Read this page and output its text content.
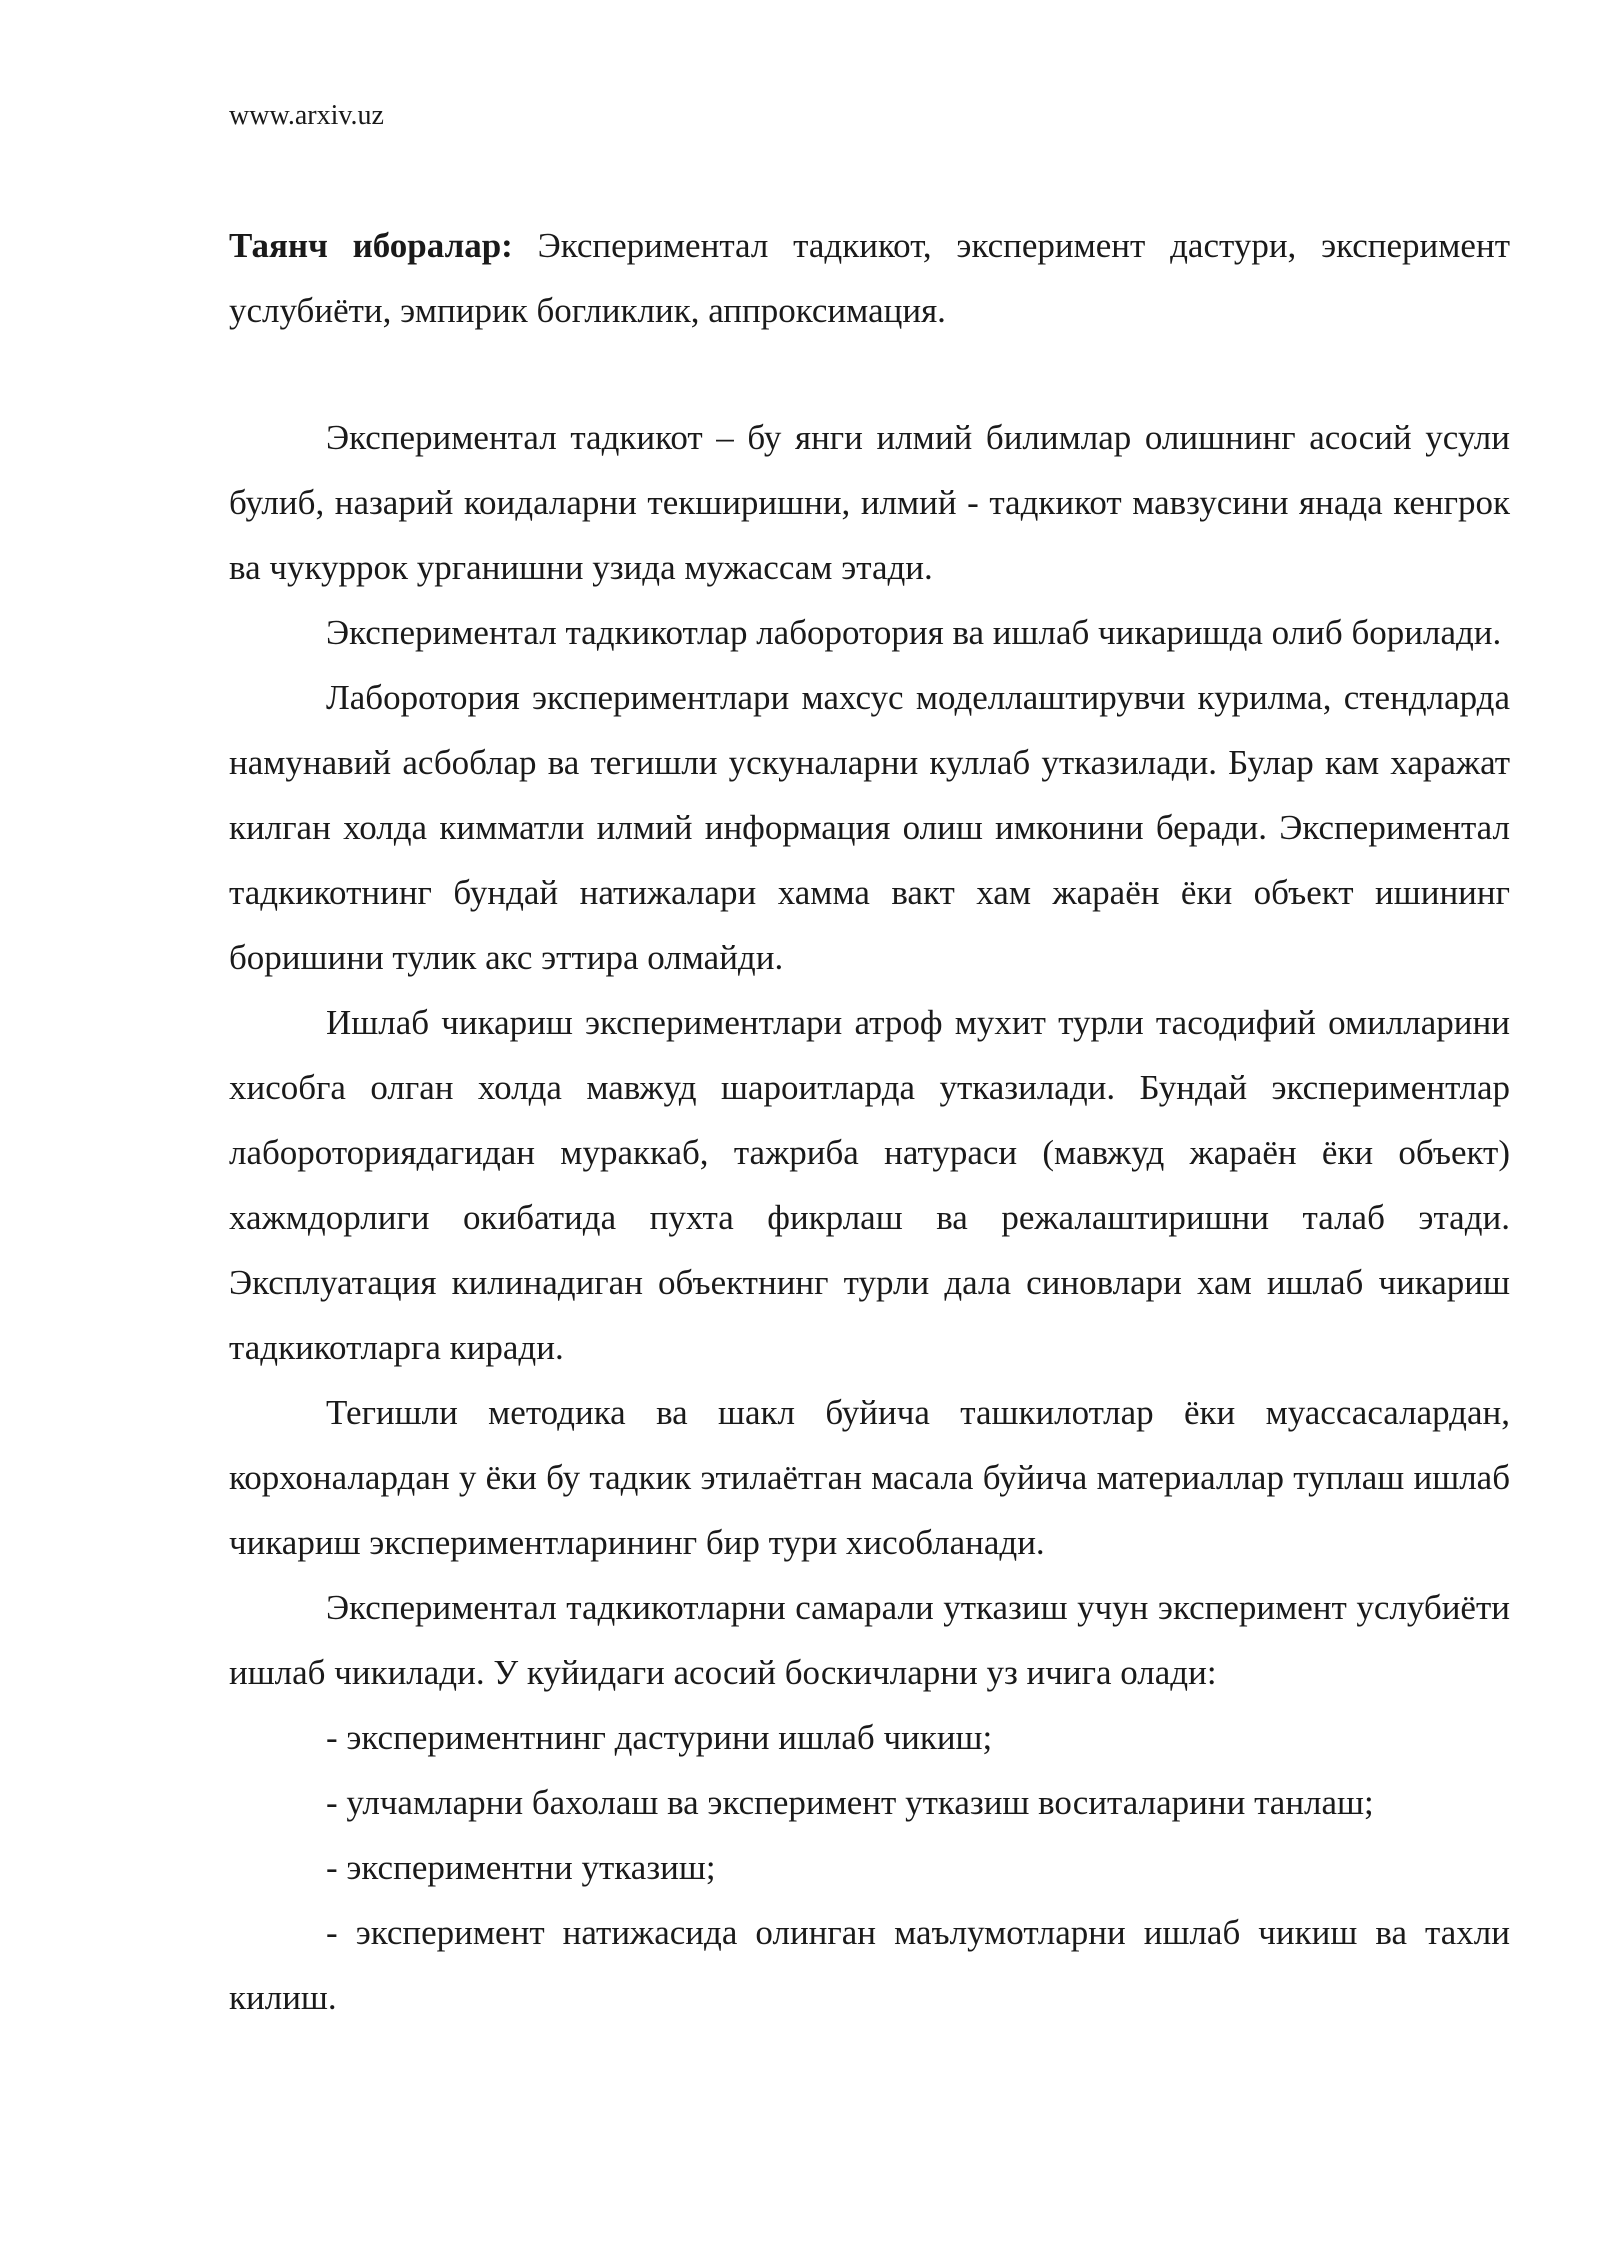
www.arxiv.uz

Таянч иборалар: Экспериментал тадкикот, эксперимент дастури, эксперимент услубиёти, эмпирик богликлик, аппроксимация.

Экспериментал тадкикот – бу янги илмий билимлар олишнинг асосий усули булиб, назарий коидаларни текширишни, илмий - тадкикот мавзусини янада кенгрок ва чукуррок урганишни узида мужассам этади.

Экспериментал тадкикотлар лабоpотоpия ва ишлаб чикаришда олиб борилади.

Лабоpотоpия экспериментлари махсус моделлаштирувчи курилма, стендларда намунавий асбоблар ва тегишли ускуналарни куллаб утказилади. Булар кам харажат килган холда кимматли илмий информация олиш имконини беради. Экспериментал тадкикотнинг бундай натижалари хамма вакт хам жараён ёки объект ишининг боришини тулик акс эттира олмайди.

Ишлаб чикариш экспериментлари атроф мухит турли тасодифий омилларини хисобга олган холда мавжуд шароитларда утказилади. Бундай экспериментлар лабоpотоpиядагидан мураккаб, тажриба натураси (мавжуд жараён ёки объект) хажмдорлиги окибатида пухта фикрлаш ва режалаштиришни талаб этади. Эксплуатация килинадиган объектнинг турли дала синовлари хам ишлаб чикариш тадкикотларга киради.

Тегишли методика ва шакл буйича ташкилотлар ёки муассасалардан, корхоналардан у ёки бу тадкик этилаётган масала буйича материаллар туплаш ишлаб чикариш экспериментларининг бир тури хисобланади.

Экспериментал тадкикотларни самарали утказиш учун эксперимент услубиёти ишлаб чикилади. У куйидаги асосий боскичларни уз ичига олади:

- экспериментнинг дастурини ишлаб чикиш;

- улчамларни бахолаш ва эксперимент утказиш воситаларини танлаш;

- экспериментни утказиш;

- эксперимент натижасида олинган маълумотларни ишлаб чикиш ва тахли килиш.
